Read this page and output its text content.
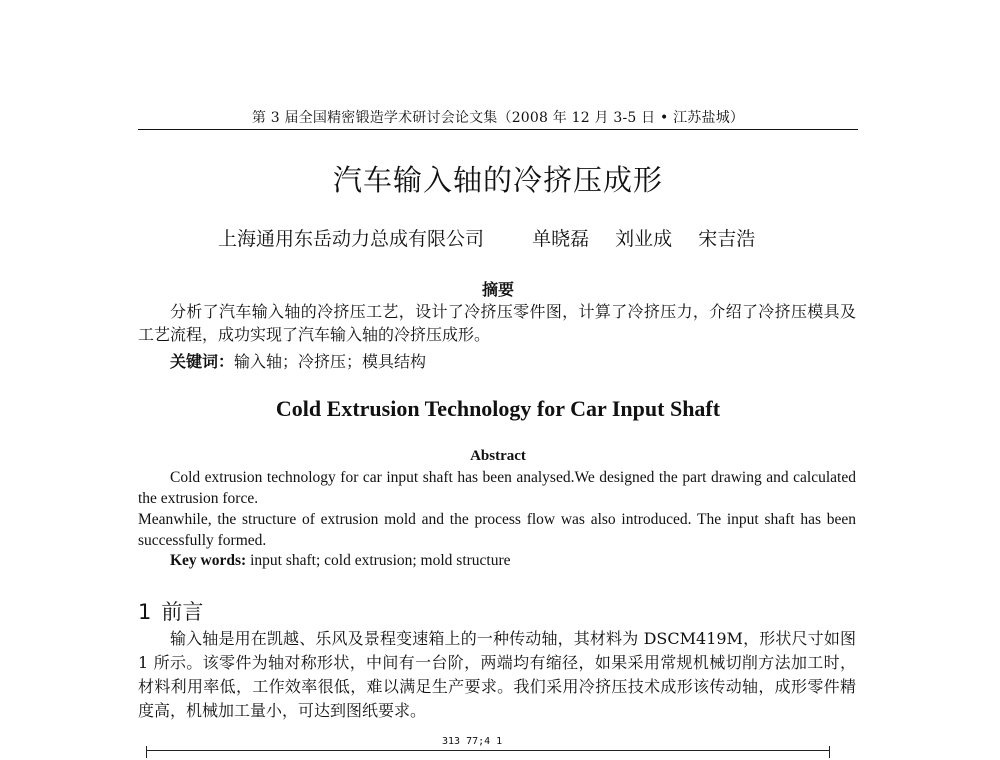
第 3 届全国精密锻造学术研讨会论文集（2008 年 12 月 3-5 日 • 江苏盐城）
汽车输入轴的冷挤压成形
上海通用东岳动力总成有限公司	单晓磊 刘业成 宋吉浩
摘要
分析了汽车输入轴的冷挤压工艺，设计了冷挤压零件图，计算了冷挤压力，介绍了冷挤压模具及工艺流程，成功实现了汽车输入轴的冷挤压成形。
关键词：输入轴；冷挤压；模具结构
Cold Extrusion Technology for Car Input Shaft
Abstract
Cold extrusion technology for car input shaft has been analysed.We designed the part drawing and calculated the extrusion force.
Meanwhile, the structure of extrusion mold and the process flow was also introduced. The input shaft has been successfully formed.
Key words: input shaft; cold extrusion; mold structure
1 前言
输入轴是用在凯越、乐风及景程变速箱上的一种传动轴，其材料为 DSCM419M，形状尺寸如图 1 所示。该零件为轴对称形状，中间有一台阶，两端均有缩径，如果采用常规机械切削方法加工时，材料利用率低，工作效率很低，难以满足生产要求。我们采用冷挤压技术成形该传动轴，成形零件精度高，机械加工量小，可达到图纸要求。
313 77;4 1
